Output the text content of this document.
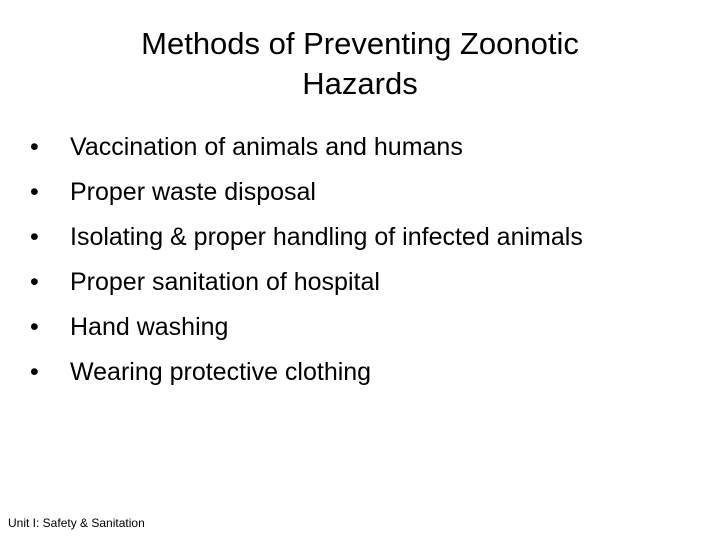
Methods of Preventing Zoonotic
Hazards
• Vaccination of animals and humans
• Proper waste disposal
• Isolating & proper handling of infected animals
• Proper sanitation of hospital
• Hand washing
• Wearing protective clothing
Unit I: Safety & Sanitation
